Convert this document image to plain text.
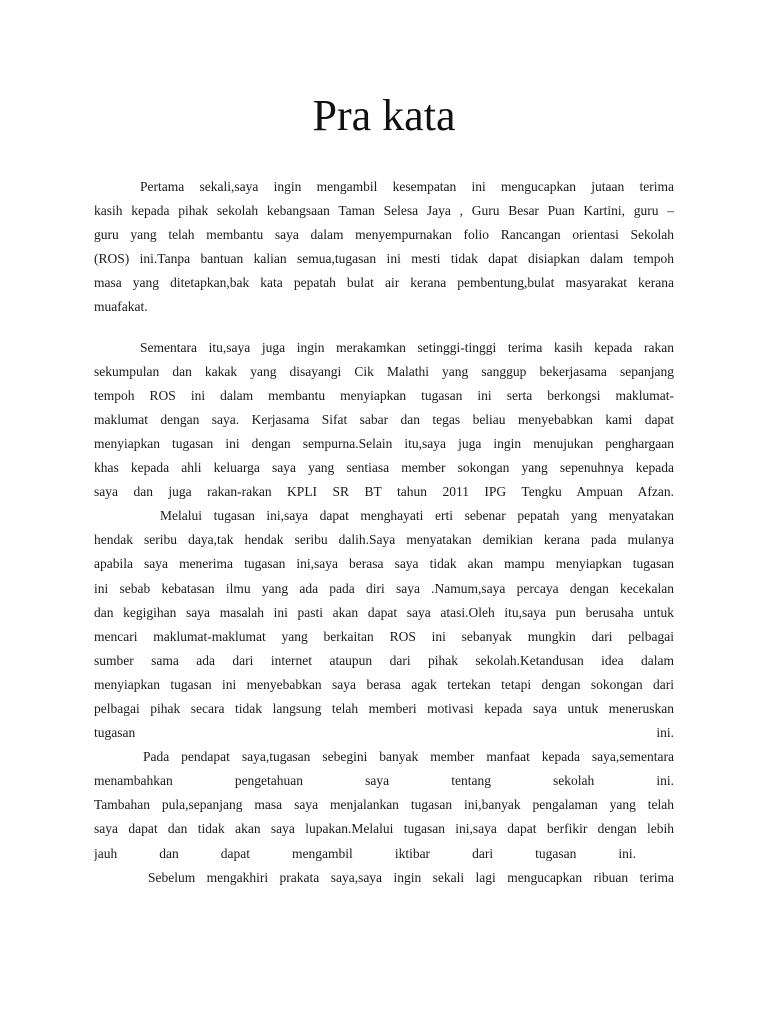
Pra kata
Pertama sekali,saya ingin mengambil kesempatan ini mengucapkan jutaan terima
kasih kepada pihak sekolah kebangsaan Taman Selesa Jaya , Guru Besar Puan Kartini, guru –
guru yang telah membantu saya dalam menyempurnakan folio Rancangan orientasi Sekolah
(ROS) ini.Tanpa bantuan kalian semua,tugasan ini mesti tidak dapat disiapkan dalam tempoh
masa yang ditetapkan,bak kata pepatah bulat air kerana pembentung,bulat masyarakat kerana
muafakat.
Sementara itu,saya juga ingin merakamkan setinggi-tinggi terima kasih kepada rakan
sekumpulan dan kakak yang disayangi Cik Malathi yang sanggup bekerjasama sepanjang
tempoh ROS ini dalam membantu menyiapkan tugasan ini serta berkongsi maklumat-
maklumat dengan saya. Kerjasama Sifat sabar dan tegas beliau menyebabkan kami dapat
menyiapkan tugasan ini dengan sempurna.Selain itu,saya juga ingin menujukan penghargaan
khas kepada ahli keluarga saya yang sentiasa member sokongan yang sepenuhnya kepada
saya dan juga rakan-rakan KPLI SR BT tahun 2011 IPG Tengku Ampuan Afzan.
Melalui tugasan ini,saya dapat menghayati erti sebenar pepatah yang menyatakan
hendak seribu daya,tak hendak seribu dalih.Saya menyatakan demikian kerana pada mulanya
apabila saya menerima tugasan ini,saya berasa saya tidak akan mampu menyiapkan tugasan
ini sebab kebatasan ilmu yang ada pada diri saya .Namum,saya percaya dengan kecekalan
dan kegigihan saya masalah ini pasti akan dapat saya atasi.Oleh itu,saya pun berusaha untuk
mencari maklumat-maklumat yang berkaitan ROS ini sebanyak mungkin dari pelbagai
sumber sama ada dari internet ataupun dari pihak sekolah.Ketandusan idea dalam
menyiapkan tugasan ini menyebabkan saya berasa agak tertekan tetapi dengan sokongan dari
pelbagai pihak secara tidak langsung telah memberi motivasi kepada saya untuk meneruskan
tugasan ini.
Pada pendapat saya,tugasan sebegini banyak member manfaat kepada saya,sementara
menambahkan pengetahuan saya tentang sekolah ini.
Tambahan pula,sepanjang masa saya menjalankan tugasan ini,banyak pengalaman yang telah
saya dapat dan tidak akan saya lupakan.Melalui tugasan ini,saya dapat berfikir dengan lebih
jauh dan dapat mengambil iktibar dari tugasan ini.
Sebelum mengakhiri prakata saya,saya ingin sekali lagi mengucapkan ribuan terima
